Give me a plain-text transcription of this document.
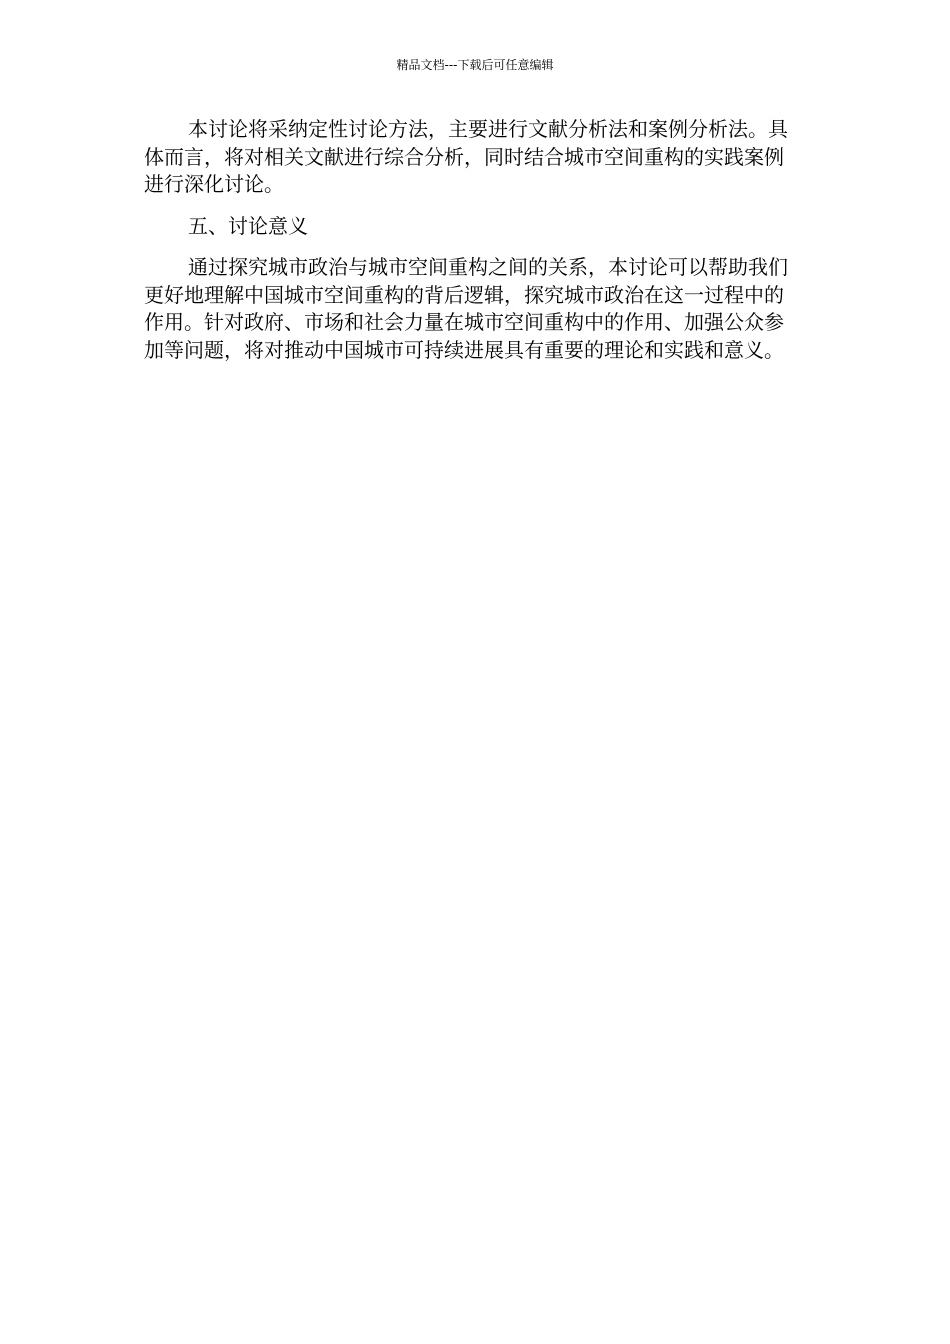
精品文档---下载后可任意编辑

本讨论将采纳定性讨论方法，主要进行文献分析法和案例分析法。具体而言，将对相关文献进行综合分析，同时结合城市空间重构的实践案例进行深化讨论。

五、讨论意义

通过探究城市政治与城市空间重构之间的关系，本讨论可以帮助我们更好地理解中国城市空间重构的背后逻辑，探究城市政治在这一过程中的作用。针对政府、市场和社会力量在城市空间重构中的作用、加强公众参加等问题，将对推动中国城市可持续进展具有重要的理论和实践和意义。
